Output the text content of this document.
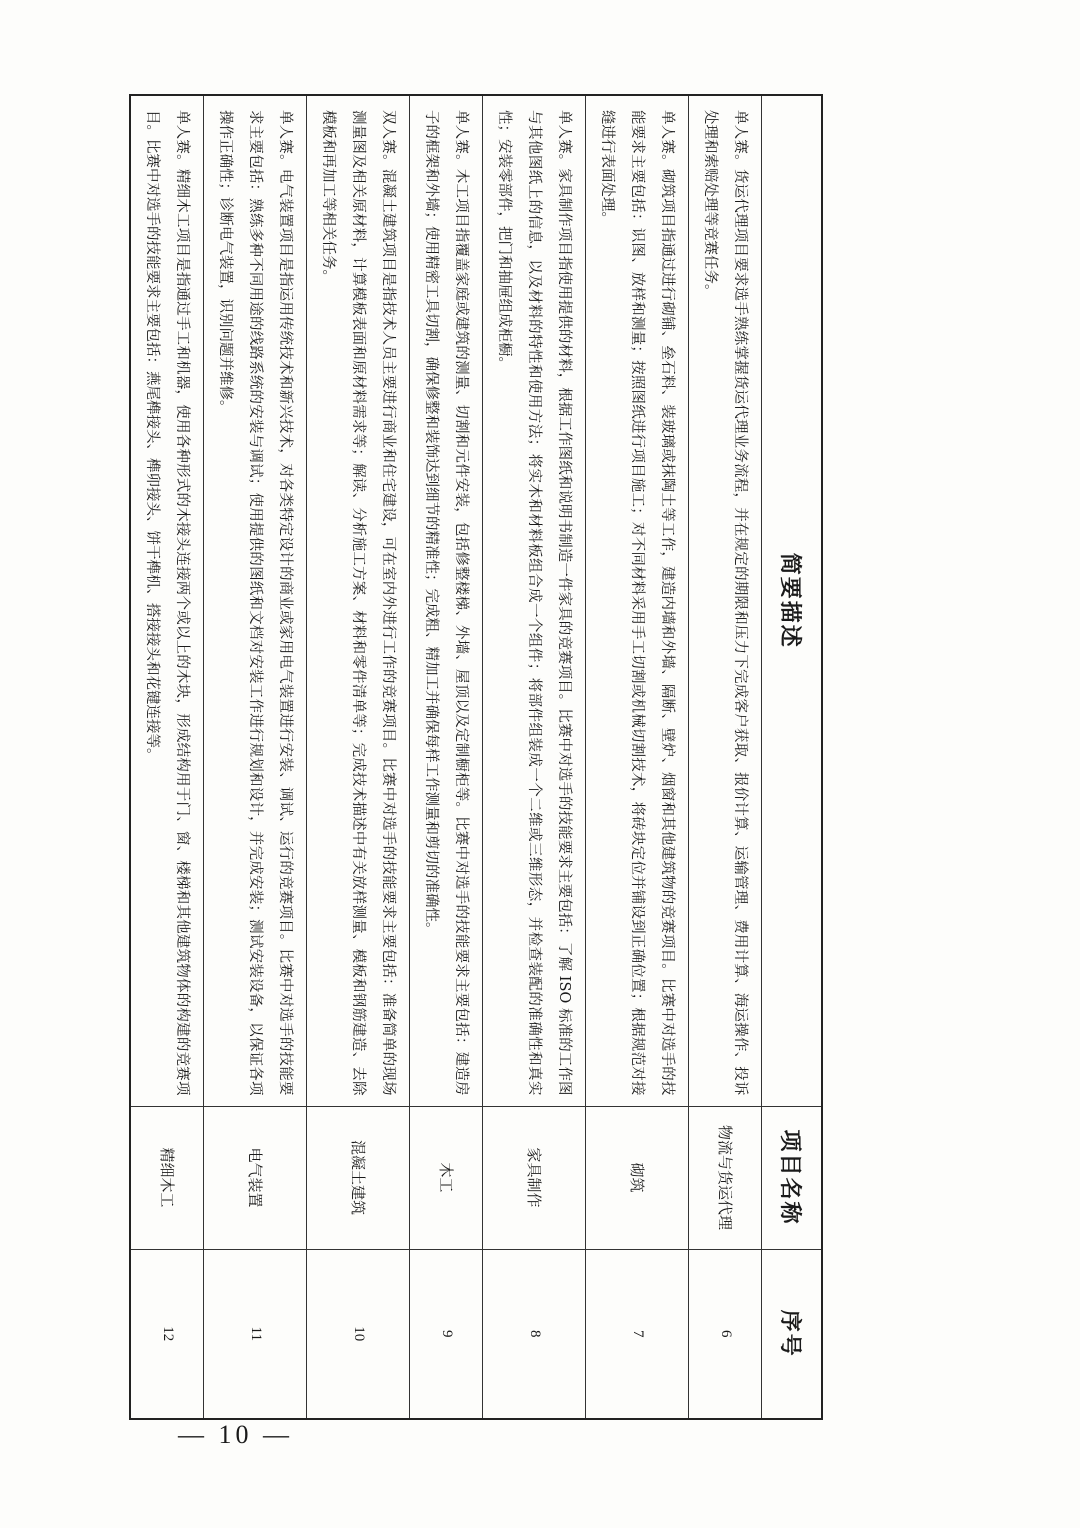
— 10 —
简要描述	项目名称	序号
单人赛。货运代理项目要求选手熟练掌握货运代理业务流程，并在规定的期限和压力下完成客户获取、报价计算、运输管理、费用计算、海运操作、投诉处理和索赔处理等竞赛任务。	物流与货运代理	6
单人赛。砌筑项目指通过进行砌铺、垒石料、装玻璃或抹陶土等工作，建造内墙和外墙、隔断、壁炉、烟窗和其他建筑物的竞赛项目。比赛中对选手的技能要求主要包括：识图、放样和测量；按照图纸进行项目施工；对不同材料采用手工切割或机械切割技术，将砖块定位并铺设到正确位置；根据规范对接缝进行表面处理。	砌筑	7
单人赛。家具制作项目指使用提供的材料，根据工作图纸和说明书制造一件家具的竞赛项目。比赛中对选手的技能要求主要包括：了解 ISO 标准的工作图与其他图纸上的信息，以及材料的特性和使用方法；将实木和材料板组合成一个组件；将部件组装成一个二维或三维形态，并检查装配的准确性和真实性；安装零部件，把门和抽屉组成柜橱。	家具制作	8
单人赛。木工项目指覆盖家庭或建筑的测量、切割和元件安装，包括修整楼梯、外墙、屋顶以及定制橱柜等。比赛中对选手的技能要求主要包括：建造房子的框架和外墙；使用精密工具切割，确保修整和装饰达到细节的精准性；完成粗、精加工并确保每样工作测量和剪切的准确性。	木工	9
双人赛。混凝土建筑项目是指技术人员主要进行商业和住宅建设，可在室内外进行工作的竞赛项目。比赛中对选手的技能要求主要包括：准备简单的现场测量图及相关原材料，计算模板表面和原材料需求等；解读、分析施工方案、材料和零件清单等；完成技术描述中有关放样测量、模板和钢筋建造、去除模板和再加工等相关任务。	混凝土建筑	10
单人赛。电气装置项目是指运用传统技术和新兴技术，对各类特定设计的商业或家用电气装置进行安装、调试、运行的竞赛项目。比赛中对选手的技能要求主要包括：熟练多种不同用途的线路系统的安装与调试；使用提供的图纸和文档对安装工作进行规划和设计，并完成安装；测试安装设备，以保证各项操作正确性；诊断电气装置，识别问题并维修。	电气装置	11
单人赛。精细木工项目是指通过手工和机器，使用各种形式的木接头连接两个或以上的木块，形成结构用于门、窗、楼梯和其他建筑物体的构建的竞赛项目。比赛中对选手的技能要求主要包括：燕尾榫接头、榫卯接头、饼干榫机、搭接接头和花键连接等。	精细木工	12
